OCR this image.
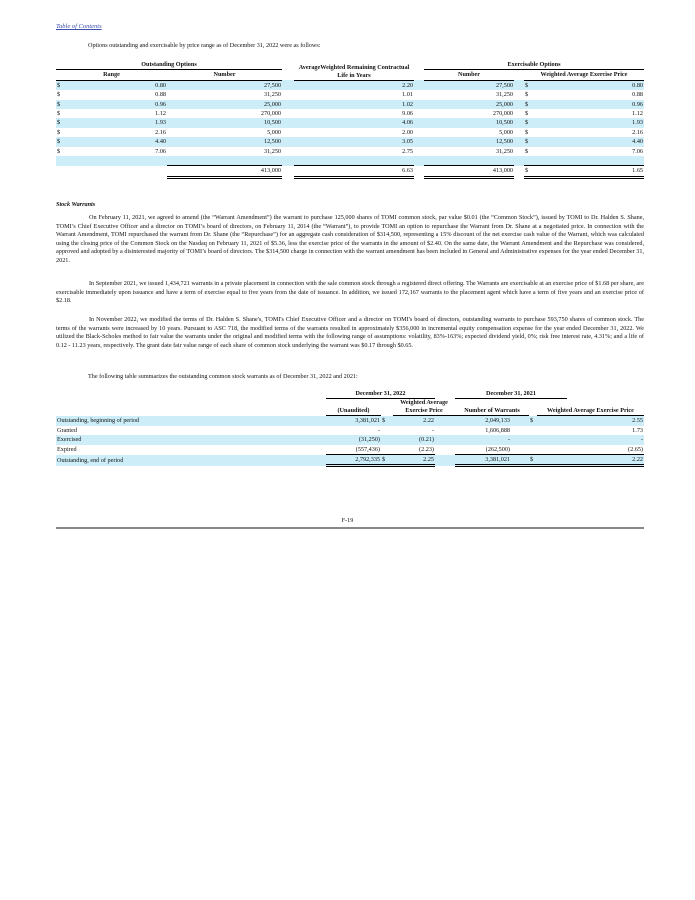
Table of Contents
Options outstanding and exercisable by price range as of December 31, 2022 were as follows:
Outstanding Options				AverageWeighted Remaining Contractual Life in Years		Exercisable Options			
Range		Number				Number		Weighted Average Exercise Price	
$	0.80	27,500		2.20		27,500		$	0.80
$	0.88	31,250		1.01		31,250		$	0.88
$	0.96	25,000		1.02		25,000		$	0.96
$	1.12	270,000		9.06		270,000		$	1.12
$	1.93	10,500		4.06		10,500		$	1.93
$	2.16	5,000		2.00		5,000		$	2.16
$	4.40	12,500		3.05		12,500		$	4.40
$	7.06	31,250		2.75		31,250		$	7.06

		413,000		6.63		413,000		$	1.65
Stock Warrants

On February 11, 2021, we agreed to amend (the “Warrant Amendment”) the warrant to purchase 125,000 shares of TOMI common stock, par value $0.01 (the “Common Stock”), issued by TOMI to Dr. Halden S. Shane, TOMI’s Chief Executive Officer and a director on TOMI’s board of directors, on February 11, 2014 (the “Warrant”), to provide TOMI an option to repurchase the Warrant from Dr. Shane at a negotiated price. In connection with the Warrant Amendment, TOMI repurchased the warrant from Dr. Shane (the “Repurchase”) for an aggregate cash consideration of $314,500, representing a 15% discount of the net exercise cash value of the Warrant, which was calculated using the closing price of the Common Stock on the Nasdaq on February 11, 2021 of $5.36, less the exercise price of the warrants in the amount of $2.40. On the same date, the Warrant Amendment and the Repurchase was considered, approved and adopted by a disinterested majority of TOMI’s board of directors. The $314,500 charge in connection with the warrant amendment has been included in General and Administrative expenses for the year ended December 31, 2021.

In September 2021, we issued 1,434,721 warrants in a private placement in connection with the sale common stock through a registered direct offering. The Warrants are exercisable at an exercise price of $1.68 per share, are exercisable immediately upon issuance and have a term of exercise equal to five years from the date of issuance. In addition, we issued 172,167 warrants to the placement agent which have a term of five years and an exercise price of $2.18.

In November 2022, we modified the terms of Dr. Halden S. Shane's, TOMI's Chief Executive Officer and a director on TOMI's board of directors, outstanding warrants to purchase 593,750 shares of common stock. The terms of the warrants were increased by 10 years. Pursuant to ASC 718, the modified terms of the warrants resulted in approximately $356,000 in incremental equity compensation expense for the year ended December 31, 2022. We utilized the Black-Scholes method to fair value the warrants under the original and modified terms with the following range of assumptions: volatility, 83%-163%; expected dividend yield, 0%; risk free interest rate, 4.31%; and a life of 0.12 - 11.23 years, respectively. The grant date fair value range of each share of common stock underlying the warrant was $0.17 through $0.65.

The following table summarizes the outstanding common stock warrants as of December 31, 2022 and 2021:
	December 31, 2022				December 31, 2021				
	(Unaudited)		Weighted Average Exercise Price		Number of Warrants			Weighted Average Exercise Price	
Outstanding, beginning of period	3,381,021	$	2.22		2,049,133		$		2.55
Granted	-		-		1,606,888				1.73
Exercised	(31,250)		(0.21)		-				-
Expired	(557,436)		(2.23)		(262,500)				(2.65)
Outstanding, end of period	2,792,335	$	2.25		3,381,021		$		2.22
F-19
